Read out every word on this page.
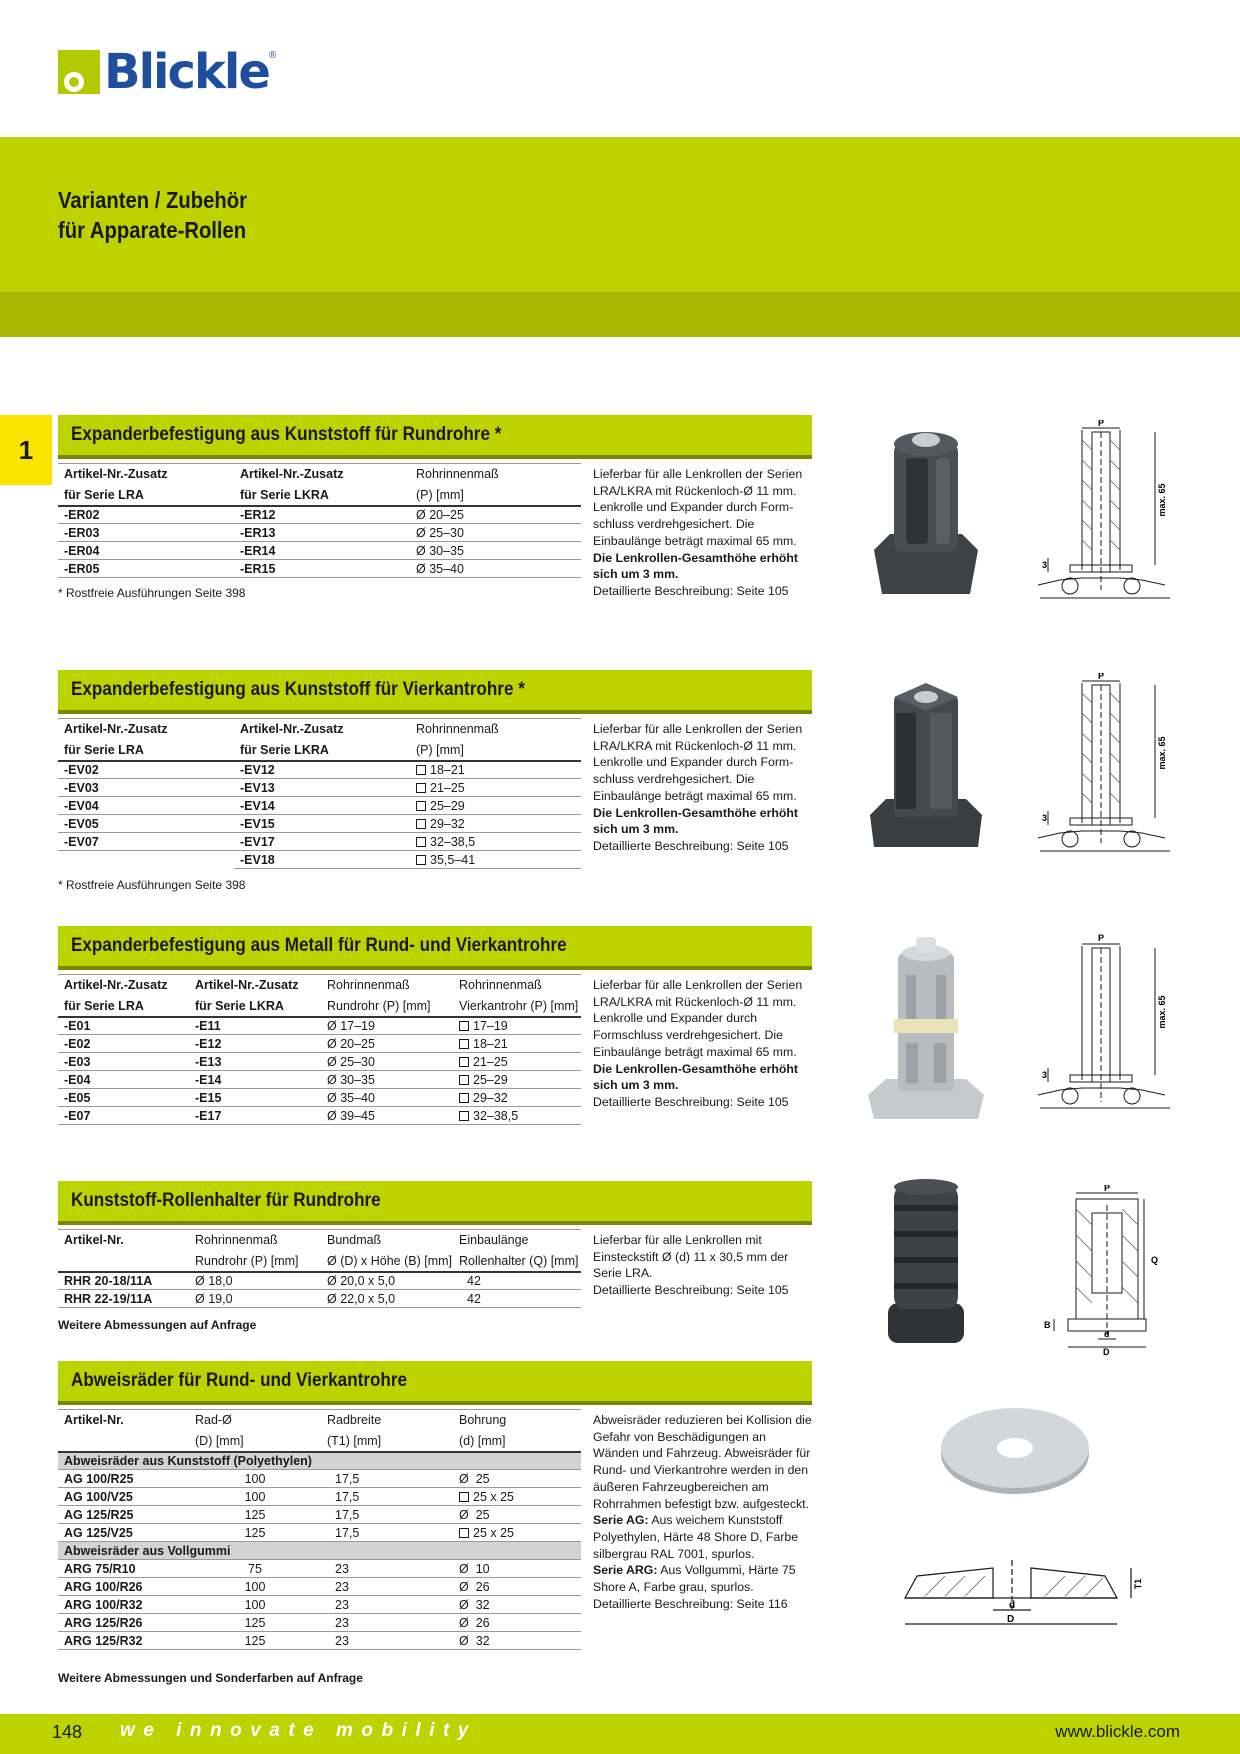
Blickle ®
Varianten / Zubehör
für Apparate-Rollen
1	Expanderbefestigung aus Kunststoff für Rundrohre *
Artikel-Nr.-Zusatz	Artikel-Nr.-Zusatz	Rohrinnenmaß
für Serie LRA	für Serie LKRA	(P) [mm]
-ER02	-ER12	Ø 20–25
-ER03	-ER13	Ø 25–30
-ER04	-ER14	Ø 30–35
-ER05	-ER15	Ø 35–40
* Rostfreie Ausführungen Seite 398

Lieferbar für alle Lenkrollen der Serien LRA/LKRA mit Rückenloch-Ø 11 mm. Lenkrolle und Expander durch Formschluss verdrehgesichert. Die Einbaulänge beträgt maximal 65 mm.

Die Lenkrollen-Gesamthöhe erhöht sich um 3 mm.

Detaillierte Beschreibung: Seite 105

P
max. 65
3
Expanderbefestigung aus Kunststoff für Vierkantrohre *
Artikel-Nr.-Zusatz	Artikel-Nr.-Zusatz	Rohrinnenmaß
für Serie LRA	für Serie LKRA	(P) [mm]
-EV02	-EV12	18–21
-EV03	-EV13	21–25
-EV04	-EV14	25–29
-EV05	-EV15	29–32
-EV07	-EV17	32–38,5
	-EV18	35,5–41
* Rostfreie Ausführungen Seite 398

Lieferbar für alle Lenkrollen der Serien LRA/LKRA mit Rückenloch-Ø 11 mm. Lenkrolle und Expander durch Formschluss verdrehgesichert. Die Einbaulänge beträgt maximal 65 mm.

Die Lenkrollen-Gesamthöhe erhöht sich um 3 mm.

Detaillierte Beschreibung: Seite 105

P
max. 65
3
Expanderbefestigung aus Metall für Rund- und Vierkantrohre
Artikel-Nr.-Zusatz	Artikel-Nr.-Zusatz	Rohrinnenmaß	Rohrinnenmaß
für Serie LRA	für Serie LKRA	Rundrohr (P) [mm]	Vierkantrohr (P) [mm]
-E01	-E11	Ø 17–19	17–19
-E02	-E12	Ø 20–25	18–21
-E03	-E13	Ø 25–30	21–25
-E04	-E14	Ø 30–35	25–29
-E05	-E15	Ø 35–40	29–32
-E07	-E17	Ø 39–45	32–38,5

Lieferbar für alle Lenkrollen der Serien LRA/LKRA mit Rückenloch-Ø 11 mm. Lenkrolle und Expander durch Formschluss verdrehgesichert. Die Einbaulänge beträgt maximal 65 mm.

Die Lenkrollen-Gesamthöhe erhöht sich um 3 mm.

Detaillierte Beschreibung: Seite 105

P
max. 65
3
Kunststoff-Rollenhalter für Rundrohre
Artikel-Nr.	Rohrinnenmaß	Bundmaß	Einbaulänge
	Rundrohr (P) [mm]	Ø (D) x Höhe (B) [mm]	Rollenhalter (Q) [mm]
RHR 20-18/11A	Ø 18,0	Ø 20,0 x 5,0	42
RHR 22-19/11A	Ø 19,0	Ø 22,0 x 5,0	42
Weitere Abmessungen auf Anfrage

Lieferbar für alle Lenkrollen mit Einsteckstift Ø (d) 11 x 30,5 mm der Serie LRA.

Detaillierte Beschreibung: Seite 105

P
Q
B
d
D
Abweisräder für Rund- und Vierkantrohre
Artikel-Nr.	Rad-Ø	Radbreite	Bohrung
	(D) [mm]	(T1) [mm]	(d) [mm]
Abweisräder aus Kunststoff (Polyethylen)			
AG 100/R25	100	17,5	Ø 25
AG 100/V25	100	17,5	25 x 25
AG 125/R25	125	17,5	Ø 25
AG 125/V25	125	17,5	25 x 25
Abweisräder aus Vollgummi			
ARG 75/R10	75	23	Ø 10
ARG 100/R26	100	23	Ø 26
ARG 100/R32	100	23	Ø 32
ARG 125/R26	125	23	Ø 26
ARG 125/R32	125	23	Ø 32
Weitere Abmessungen und Sonderfarben auf Anfrage

Abweisräder reduzieren bei Kollision die Gefahr von Beschädigungen an Wänden und Fahrzeug. Abweisräder für Rund- und Vierkantrohre werden in den äußeren Fahrzeugbereichen am Rohrrahmen befestigt bzw. aufgesteckt.

Serie AG: Aus weichem Kunststoff Polyethylen, Härte 48 Shore D, Farbe silbergrau RAL 7001, spurlos.

Serie ARG: Aus Vollgummi, Härte 75 Shore A, Farbe grau, spurlos.

Detaillierte Beschreibung: Seite 116	d
D
T1
148 we innovate mobility	www.blickle.com
